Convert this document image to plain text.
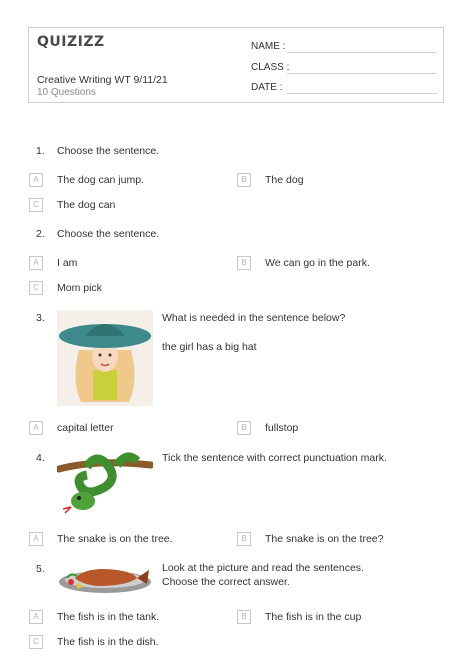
QUIZIZZ
Creative Writing WT 9/11/21
10 Questions
NAME :
CLASS :
DATE :
1. Choose the sentence.
A	The dog can jump.	B	The dog
C	The dog can
2. Choose the sentence.
A	I am	B	We can go in the park.
C	Mom pick
3.	What is needed in the sentence below?
the girl has a big hat
A	capital letter	B	fullstop
4.	Tick the sentence with correct punctuation mark.
A	The snake is on the tree.	B	The snake is on the tree?
5.	Look at the picture and read the sentences.
Choose the correct answer.
A	The fish is in the tank.	B	The fish is in the cup
C	The fish is in the dish.
